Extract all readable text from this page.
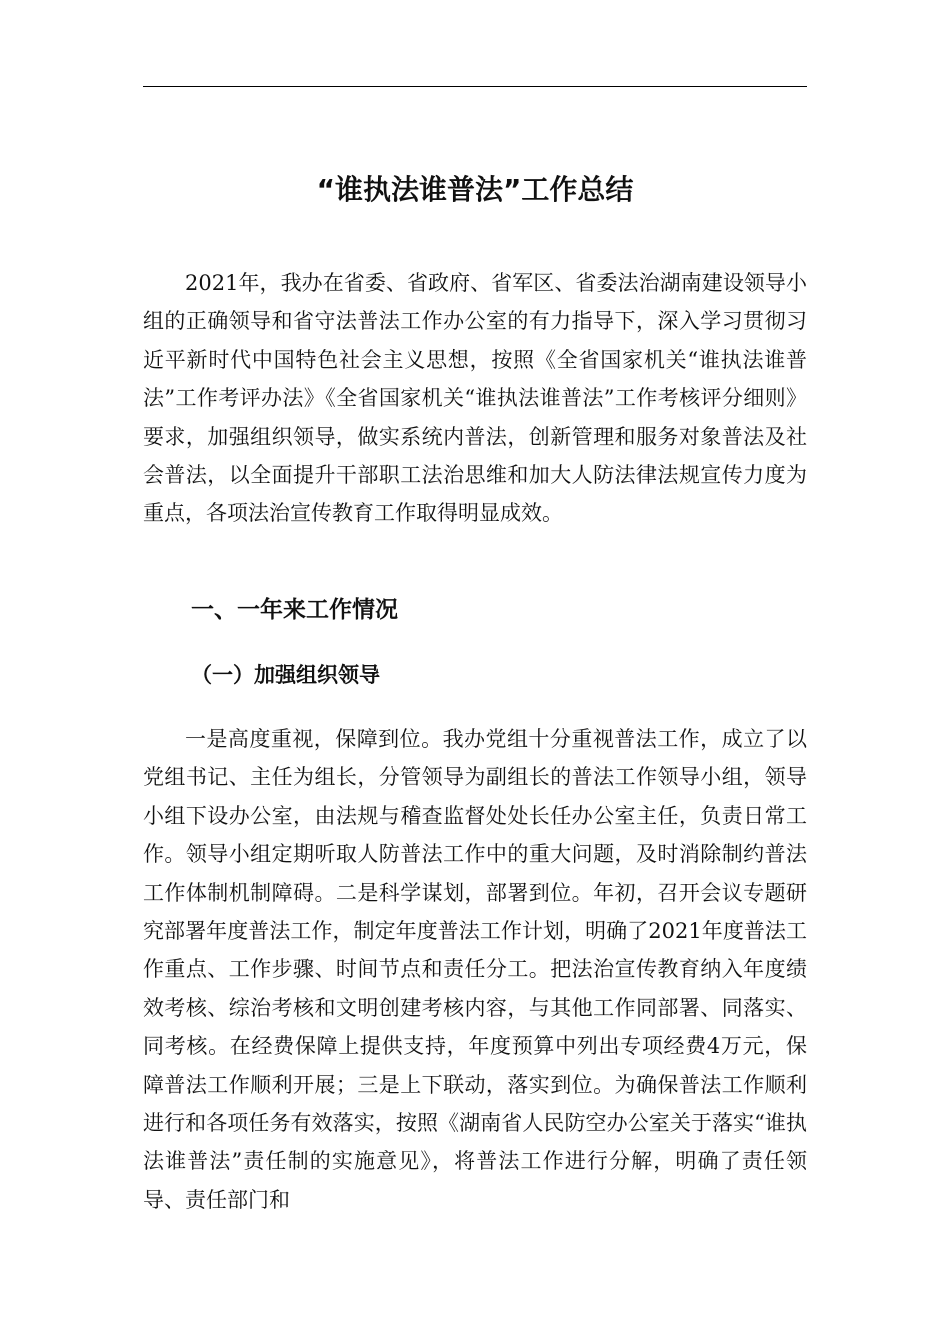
“谁执法谁普法”工作总结

2021年，我办在省委、省政府、省军区、省委法治湖南建设领导小组的正确领导和省守法普法工作办公室的有力指导下，深入学习贯彻习近平新时代中国特色社会主义思想，按照《全省国家机关“谁执法谁普法”工作考评办法》《全省国家机关“谁执法谁普法”工作考核评分细则》要求，加强组织领导，做实系统内普法，创新管理和服务对象普法及社会普法，以全面提升干部职工法治思维和加大人防法律法规宣传力度为重点，各项法治宣传教育工作取得明显成效。

一、一年来工作情况
（一）加强组织领导

一是高度重视，保障到位。我办党组十分重视普法工作，成立了以党组书记、主任为组长，分管领导为副组长的普法工作领导小组，领导小组下设办公室，由法规与稽查监督处处长任办公室主任，负责日常工作。领导小组定期听取人防普法工作中的重大问题，及时消除制约普法工作体制机制障碍。二是科学谋划，部署到位。年初，召开会议专题研究部署年度普法工作，制定年度普法工作计划，明确了2021年度普法工作重点、工作步骤、时间节点和责任分工。把法治宣传教育纳入年度绩效考核、综治考核和文明创建考核内容，与其他工作同部署、同落实、同考核。在经费保障上提供支持，年度预算中列出专项经费4万元，保障普法工作顺利开展；三是上下联动，落实到位。为确保普法工作顺利进行和各项任务有效落实，按照《湖南省人民防空办公室关于落实“谁执法谁普法”责任制的实施意见》，将普法工作进行分解，明确了责任领导、责任部门和
